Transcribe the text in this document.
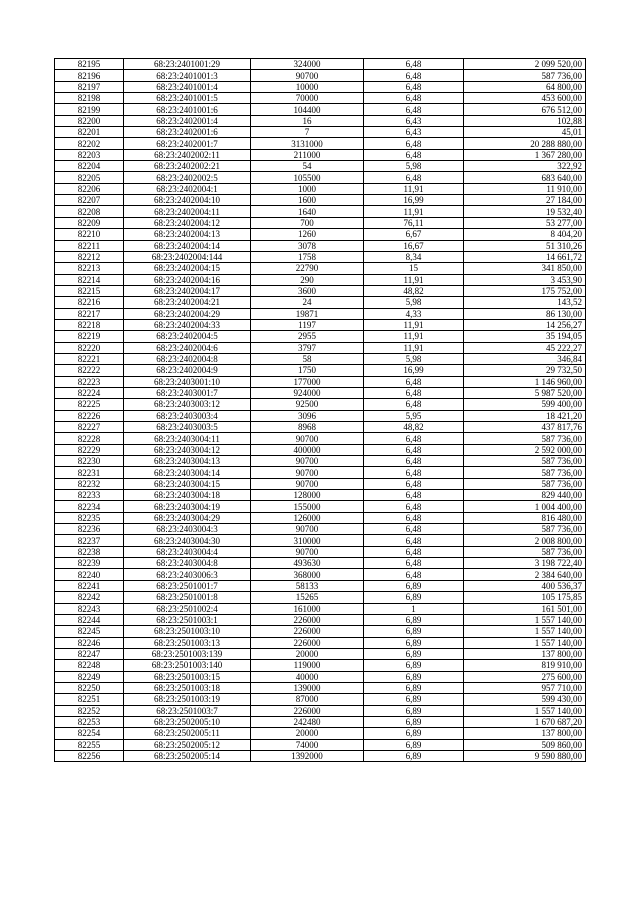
82195	68:23:2401001:29	324000	6,48	2 099 520,00
82196	68:23:2401001:3	90700	6,48	587 736,00
82197	68:23:2401001:4	10000	6,48	64 800,00
82198	68:23:2401001:5	70000	6,48	453 600,00
82199	68:23:2401001:6	104400	6,48	676 512,00
82200	68:23:2402001:4	16	6,43	102,88
82201	68:23:2402001:6	7	6,43	45,01
82202	68:23:2402001:7	3131000	6,48	20 288 880,00
82203	68:23:2402002:11	211000	6,48	1 367 280,00
82204	68:23:2402002:21	54	5,98	322,92
82205	68:23:2402002:5	105500	6,48	683 640,00
82206	68:23:2402004:1	1000	11,91	11 910,00
82207	68:23:2402004:10	1600	16,99	27 184,00
82208	68:23:2402004:11	1640	11,91	19 532,40
82209	68:23:2402004:12	700	76,11	53 277,00
82210	68:23:2402004:13	1260	6,67	8 404,20
82211	68:23:2402004:14	3078	16,67	51 310,26
82212	68:23:2402004:144	1758	8,34	14 661,72
82213	68:23:2402004:15	22790	15	341 850,00
82214	68:23:2402004:16	290	11,91	3 453,90
82215	68:23:2402004:17	3600	48,82	175 752,00
82216	68:23:2402004:21	24	5,98	143,52
82217	68:23:2402004:29	19871	4,33	86 130,00
82218	68:23:2402004:33	1197	11,91	14 256,27
82219	68:23:2402004:5	2955	11,91	35 194,05
82220	68:23:2402004:6	3797	11,91	45 222,27
82221	68:23:2402004:8	58	5,98	346,84
82222	68:23:2402004:9	1750	16,99	29 732,50
82223	68:23:2403001:10	177000	6,48	1 146 960,00
82224	68:23:2403001:7	924000	6,48	5 987 520,00
82225	68:23:2403003:12	92500	6,48	599 400,00
82226	68:23:2403003:4	3096	5,95	18 421,20
82227	68:23:2403003:5	8968	48,82	437 817,76
82228	68:23:2403004:11	90700	6,48	587 736,00
82229	68:23:2403004:12	400000	6,48	2 592 000,00
82230	68:23:2403004:13	90700	6,48	587 736,00
82231	68:23:2403004:14	90700	6,48	587 736,00
82232	68:23:2403004:15	90700	6,48	587 736,00
82233	68:23:2403004:18	128000	6,48	829 440,00
82234	68:23:2403004:19	155000	6,48	1 004 400,00
82235	68:23:2403004:29	126000	6,48	816 480,00
82236	68:23:2403004:3	90700	6,48	587 736,00
82237	68:23:2403004:30	310000	6,48	2 008 800,00
82238	68:23:2403004:4	90700	6,48	587 736,00
82239	68:23:2403004:8	493630	6,48	3 198 722,40
82240	68:23:2403006:3	368000	6,48	2 384 640,00
82241	68:23:2501001:7	58133	6,89	400 536,37
82242	68:23:2501001:8	15265	6,89	105 175,85
82243	68:23:2501002:4	161000	1	161 501,00
82244	68:23:2501003:1	226000	6,89	1 557 140,00
82245	68:23:2501003:10	226000	6,89	1 557 140,00
82246	68:23:2501003:13	226000	6,89	1 557 140,00
82247	68:23:2501003:139	20000	6,89	137 800,00
82248	68:23:2501003:140	119000	6,89	819 910,00
82249	68:23:2501003:15	40000	6,89	275 600,00
82250	68:23:2501003:18	139000	6,89	957 710,00
82251	68:23:2501003:19	87000	6,89	599 430,00
82252	68:23:2501003:7	226000	6,89	1 557 140,00
82253	68:23:2502005:10	242480	6,89	1 670 687,20
82254	68:23:2502005:11	20000	6,89	137 800,00
82255	68:23:2502005:12	74000	6,89	509 860,00
82256	68:23:2502005:14	1392000	6,89	9 590 880,00
